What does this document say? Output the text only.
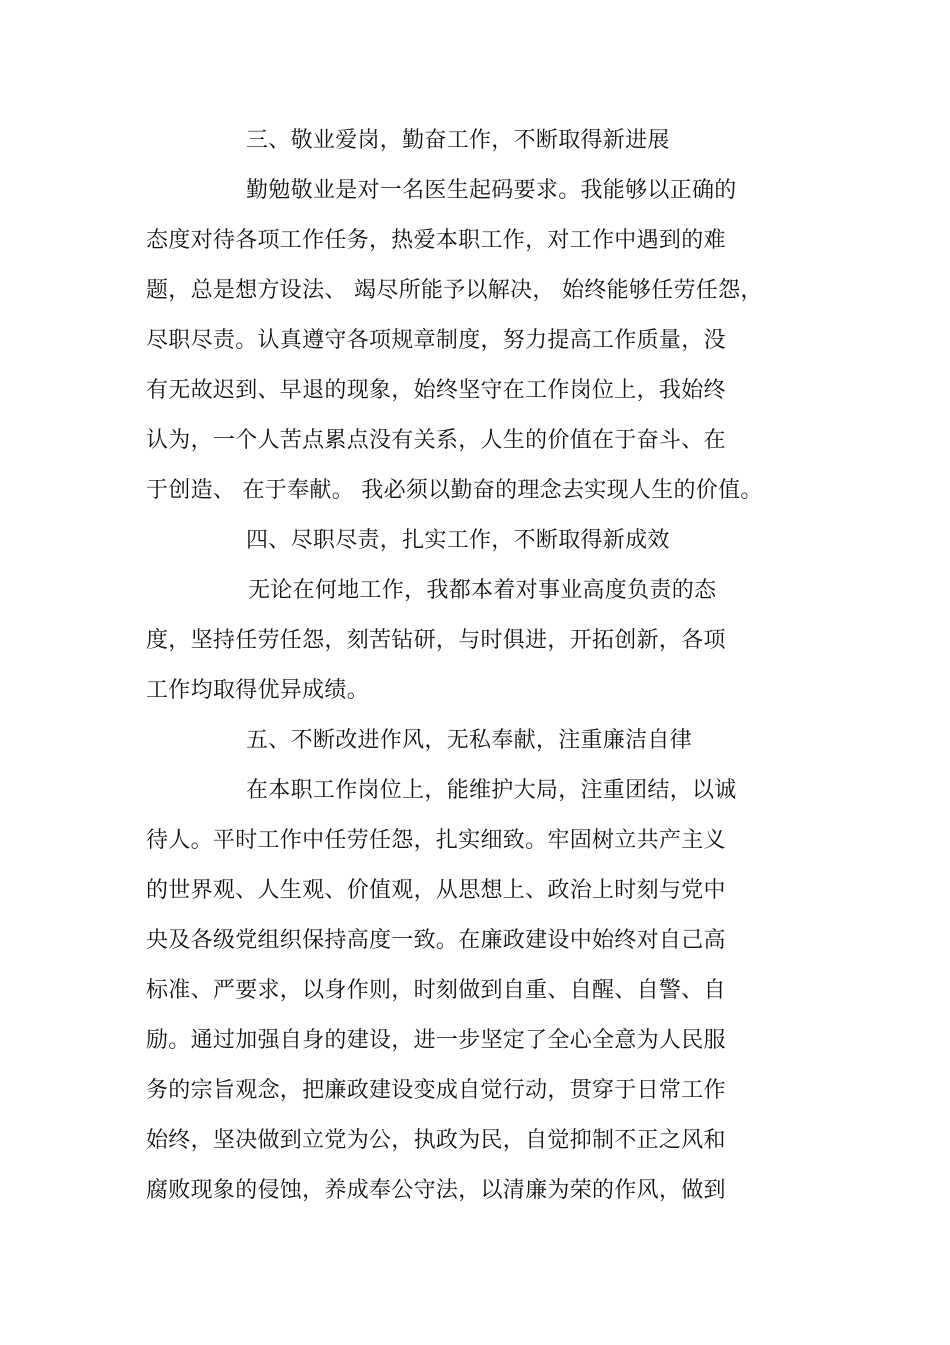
三、敬业爱岗，勤奋工作，不断取得新进展
勤勉敬业是对一名医生起码要求。我能够以正确的
态度对待各项工作任务，热爱本职工作，对工作中遇到的难
题，总是想方设法、 竭尽所能予以解决， 始终能够任劳任怨，
尽职尽责。认真遵守各项规章制度，努力提高工作质量，没
有无故迟到、早退的现象，始终坚守在工作岗位上，我始终
认为，一个人苦点累点没有关系，人生的价值在于奋斗、在
于创造、 在于奉献。 我必须以勤奋的理念去实现人生的价值。
四、尽职尽责，扎实工作，不断取得新成效
无论在何地工作，我都本着对事业高度负责的态
度，坚持任劳任怨，刻苦钻研，与时俱进，开拓创新，各项
工作均取得优异成绩。
五、不断改进作风，无私奉献，注重廉洁自律
在本职工作岗位上，能维护大局，注重团结，以诚
待人。平时工作中任劳任怨，扎实细致。牢固树立共产主义
的世界观、人生观、价值观，从思想上、政治上时刻与党中
央及各级党组织保持高度一致。在廉政建设中始终对自己高
标准、严要求，以身作则，时刻做到自重、自醒、自警、自
励。通过加强自身的建设，进一步坚定了全心全意为人民服
务的宗旨观念，把廉政建设变成自觉行动，贯穿于日常工作
始终，坚决做到立党为公，执政为民，自觉抑制不正之风和
腐败现象的侵蚀，养成奉公守法，以清廉为荣的作风，做到
